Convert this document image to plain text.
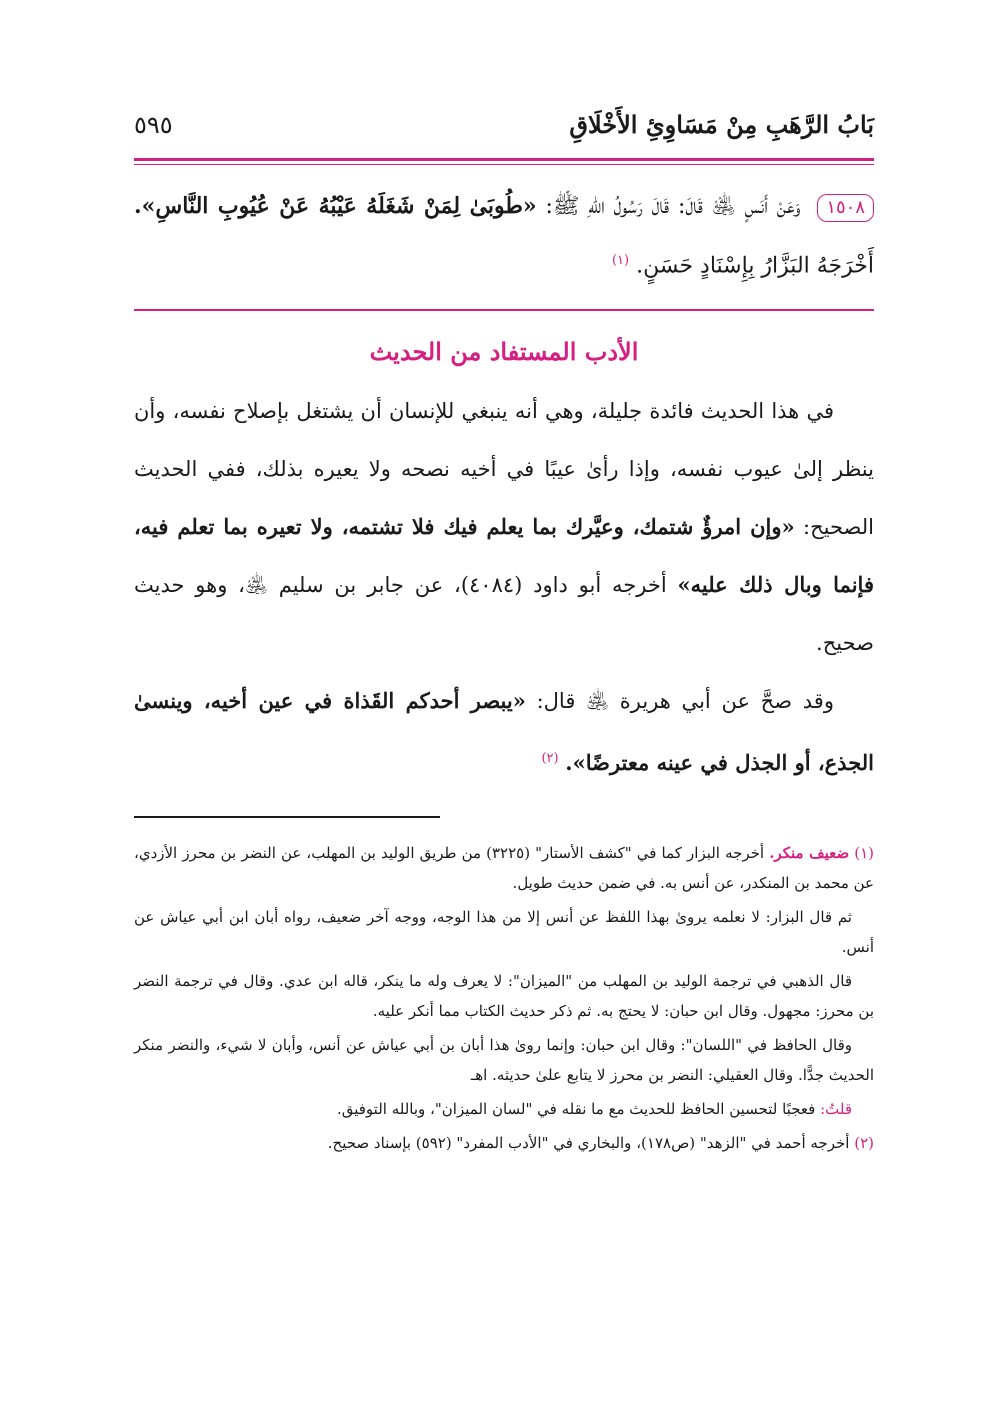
بَابُ الرَّهَبِ مِنْ مَسَاوِئِ الأَخْلَاقِ
٥٩٥
١٥٠٨ وَعَنْ أَنَسٍ ﵁ قَالَ: قَالَ رَسُولُ اللهِ ﷺ: «طُوبَىٰ لِمَنْ شَغَلَهُ عَيْبُهُ عَنْ عُيُوبِ النَّاسِ». أَخْرَجَهُ البَزَّارُ بِإِسْنَادٍ حَسَنٍ. $^{(١)}$
الأدب المستفاد من الحديث

في هذا الحديث فائدة جليلة، وهي أنه ينبغي للإنسان أن يشتغل بإصلاح نفسه، وأن ينظر إلىٰ عيوب نفسه، وإذا رأىٰ عيبًا في أخيه نصحه ولا يعيره بذلك، ففي الحديث الصحيح: «وإن امرؤٌ شتمك، وعيَّرك بما يعلم فيك فلا تشتمه، ولا تعيره بما تعلم فيه، فإنما وبال ذلك عليه» أخرجه أبو داود (٤٠٨٤)، عن جابر بن سليم ﵁، وهو حديث صحيح.

وقد صحَّ عن أبي هريرة ﵁ قال: «يبصر أحدكم القَذاة في عين أخيه، وينسىٰ الجذع، أو الجذل في عينه معترضًا». $^{(٢)}$

(١) ضعيف منكر. أخرجه البزار كما في "كشف الأستار" (٣٢٢٥) من طريق الوليد بن المهلب، عن النضر بن محرز الأزدي، عن محمد بن المنكدر، عن أنس به. في ضمن حديث طويل.

ثم قال البزار: لا نعلمه يروىٰ بهذا اللفظ عن أنس إلا من هذا الوجه، ووجه آخر ضعيف، رواه أبان ابن أبي عياش عن أنس.

قال الذهبي في ترجمة الوليد بن المهلب من "الميزان": لا يعرف وله ما ينكر، قاله ابن عدي. وقال في ترجمة النضر بن محرز: مجهول. وقال ابن حبان: لا يحتج به. ثم ذكر حديث الكتاب مما أنكر عليه.

وقال الحافظ في "اللسان": وقال ابن حبان: وإنما روىٰ هذا أبان بن أبي عياش عن أنس، وأبان لا شيء، والنضر منكر الحديث جدًّا. وقال العقيلي: النضر بن محرز لا يتابع علىٰ حديثه. اهـ

قلتُ: فعجبًا لتحسين الحافظ للحديث مع ما نقله في "لسان الميزان"، وبالله التوفيق.

(٢) أخرجه أحمد في "الزهد" (ص١٧٨)، والبخاري في "الأدب المفرد" (٥٩٢) بإسناد صحيح.
